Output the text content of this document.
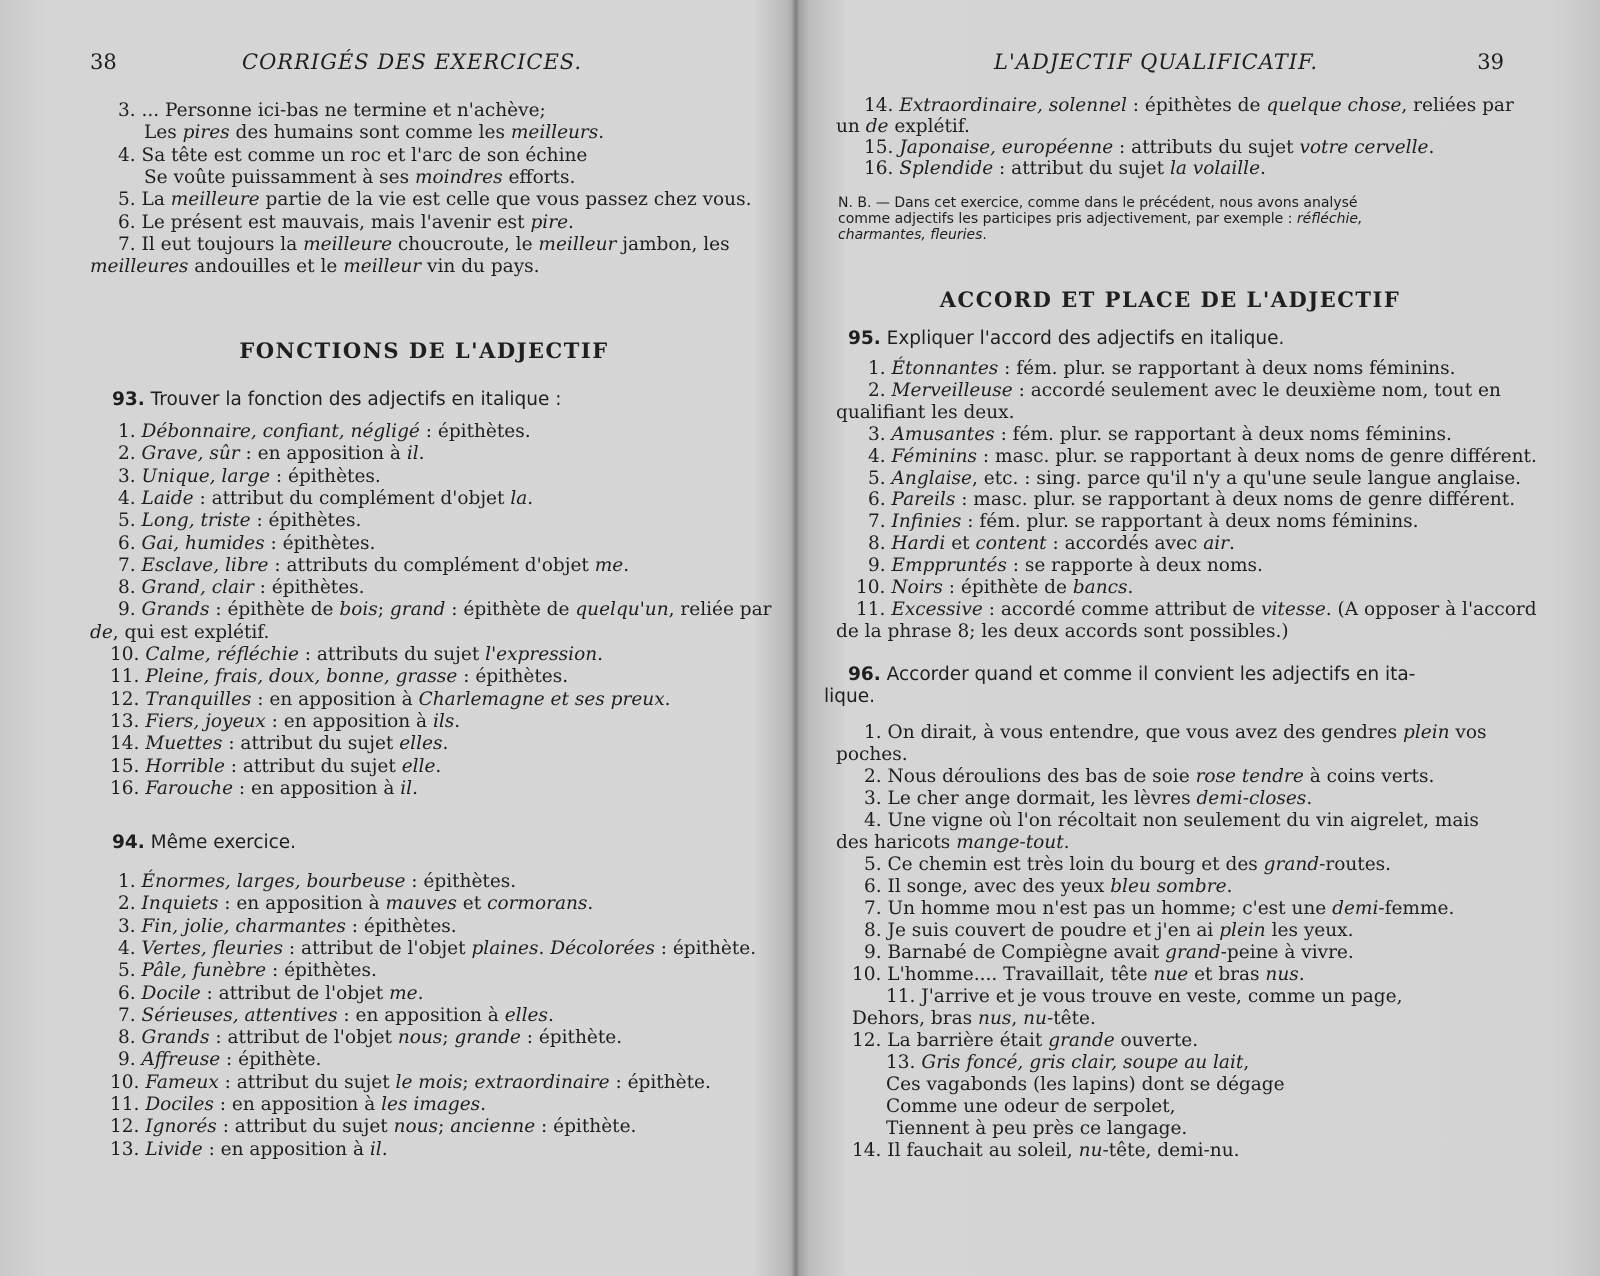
38	CORRIGÉS DES EXERCICES.
FONCTIONS DE L'ADJECTIF
93. Trouver la fonction des adjectifs en italique :
94. Même exercice.
3. ... Personne ici-bas ne termine et n'achève;
Les pires des humains sont comme les meilleurs.
4. Sa tête est comme un roc et l'arc de son échine
Se voûte puissamment à ses moindres efforts.
5. La meilleure partie de la vie est celle que vous passez chez vous.
6. Le présent est mauvais, mais l'avenir est pire.
7. Il eut toujours la meilleure choucroute, le meilleur jambon, les
meilleures andouilles et le meilleur vin du pays.
1. Débonnaire, confiant, négligé : épithètes.
2. Grave, sûr : en apposition à il.
3. Unique, large : épithètes.
4. Laide : attribut du complément d'objet la.
5. Long, triste : épithètes.
6. Gai, humides : épithètes.
7. Esclave, libre : attributs du complément d'objet me.
8. Grand, clair : épithètes.
9. Grands : épithète de bois; grand : épithète de quelqu'un, reliée par
de, qui est explétif.
10. Calme, réfléchie : attributs du sujet l'expression.
11. Pleine, frais, doux, bonne, grasse : épithètes.
12. Tranquilles : en apposition à Charlemagne et ses preux.
13. Fiers, joyeux : en apposition à ils.
14. Muettes : attribut du sujet elles.
15. Horrible : attribut du sujet elle.
16. Farouche : en apposition à il.
1. Énormes, larges, bourbeuse : épithètes.
2. Inquiets : en apposition à mauves et cormorans.
3. Fin, jolie, charmantes : épithètes.
4. Vertes, fleuries : attribut de l'objet plaines. Décolorées : épithète.
5. Pâle, funèbre : épithètes.
6. Docile : attribut de l'objet me.
7. Sérieuses, attentives : en apposition à elles.
8. Grands : attribut de l'objet nous; grande : épithète.
9. Affreuse : épithète.
10. Fameux : attribut du sujet le mois; extraordinaire : épithète.
11. Dociles : en apposition à les images.
12. Ignorés : attribut du sujet nous; ancienne : épithète.
13. Livide : en apposition à il.
L'ADJECTIF QUALIFICATIF.	39
ACCORD ET PLACE DE L'ADJECTIF
95. Expliquer l'accord des adjectifs en italique.
96. Accorder quand et comme il convient les adjectifs en ita-
lique.
14. Extraordinaire, solennel : épithètes de quelque chose, reliées par
un de explétif.
15. Japonaise, européenne : attributs du sujet votre cervelle.
16. Splendide : attribut du sujet la volaille.
N. B. — Dans cet exercice, comme dans le précédent, nous avons analysé
comme adjectifs les participes pris adjectivement, par exemple : réfléchie,
charmantes, fleuries.
1. Étonnantes : fém. plur. se rapportant à deux noms féminins.
2. Merveilleuse : accordé seulement avec le deuxième nom, tout en
qualifiant les deux.
3. Amusantes : fém. plur. se rapportant à deux noms féminins.
4. Féminins : masc. plur. se rapportant à deux noms de genre différent.
5. Anglaise, etc. : sing. parce qu'il n'y a qu'une seule langue anglaise.
6. Pareils : masc. plur. se rapportant à deux noms de genre différent.
7. Infinies : fém. plur. se rapportant à deux noms féminins.
8. Hardi et content : accordés avec air.
9. Emppruntés : se rapporte à deux noms.
10. Noirs : épithète de bancs.
11. Excessive : accordé comme attribut de vitesse. (A opposer à l'accord
de la phrase 8; les deux accords sont possibles.)
1. On dirait, à vous entendre, que vous avez des gendres plein vos
poches.
2. Nous déroulions des bas de soie rose tendre à coins verts.
3. Le cher ange dormait, les lèvres demi-closes.
4. Une vigne où l'on récoltait non seulement du vin aigrelet, mais
des haricots mange-tout.
5. Ce chemin est très loin du bourg et des grand-routes.
6. Il songe, avec des yeux bleu sombre.
7. Un homme mou n'est pas un homme; c'est une demi-femme.
8. Je suis couvert de poudre et j'en ai plein les yeux.
9. Barnabé de Compiègne avait grand-peine à vivre.
10. L'homme.... Travaillait, tête nue et bras nus.
11. J'arrive et je vous trouve en veste, comme un page,
Dehors, bras nus, nu-tête.
12. La barrière était grande ouverte.
13. Gris foncé, gris clair, soupe au lait,
Ces vagabonds (les lapins) dont se dégage
Comme une odeur de serpolet,
Tiennent à peu près ce langage.
14. Il fauchait au soleil, nu-tête, demi-nu.
